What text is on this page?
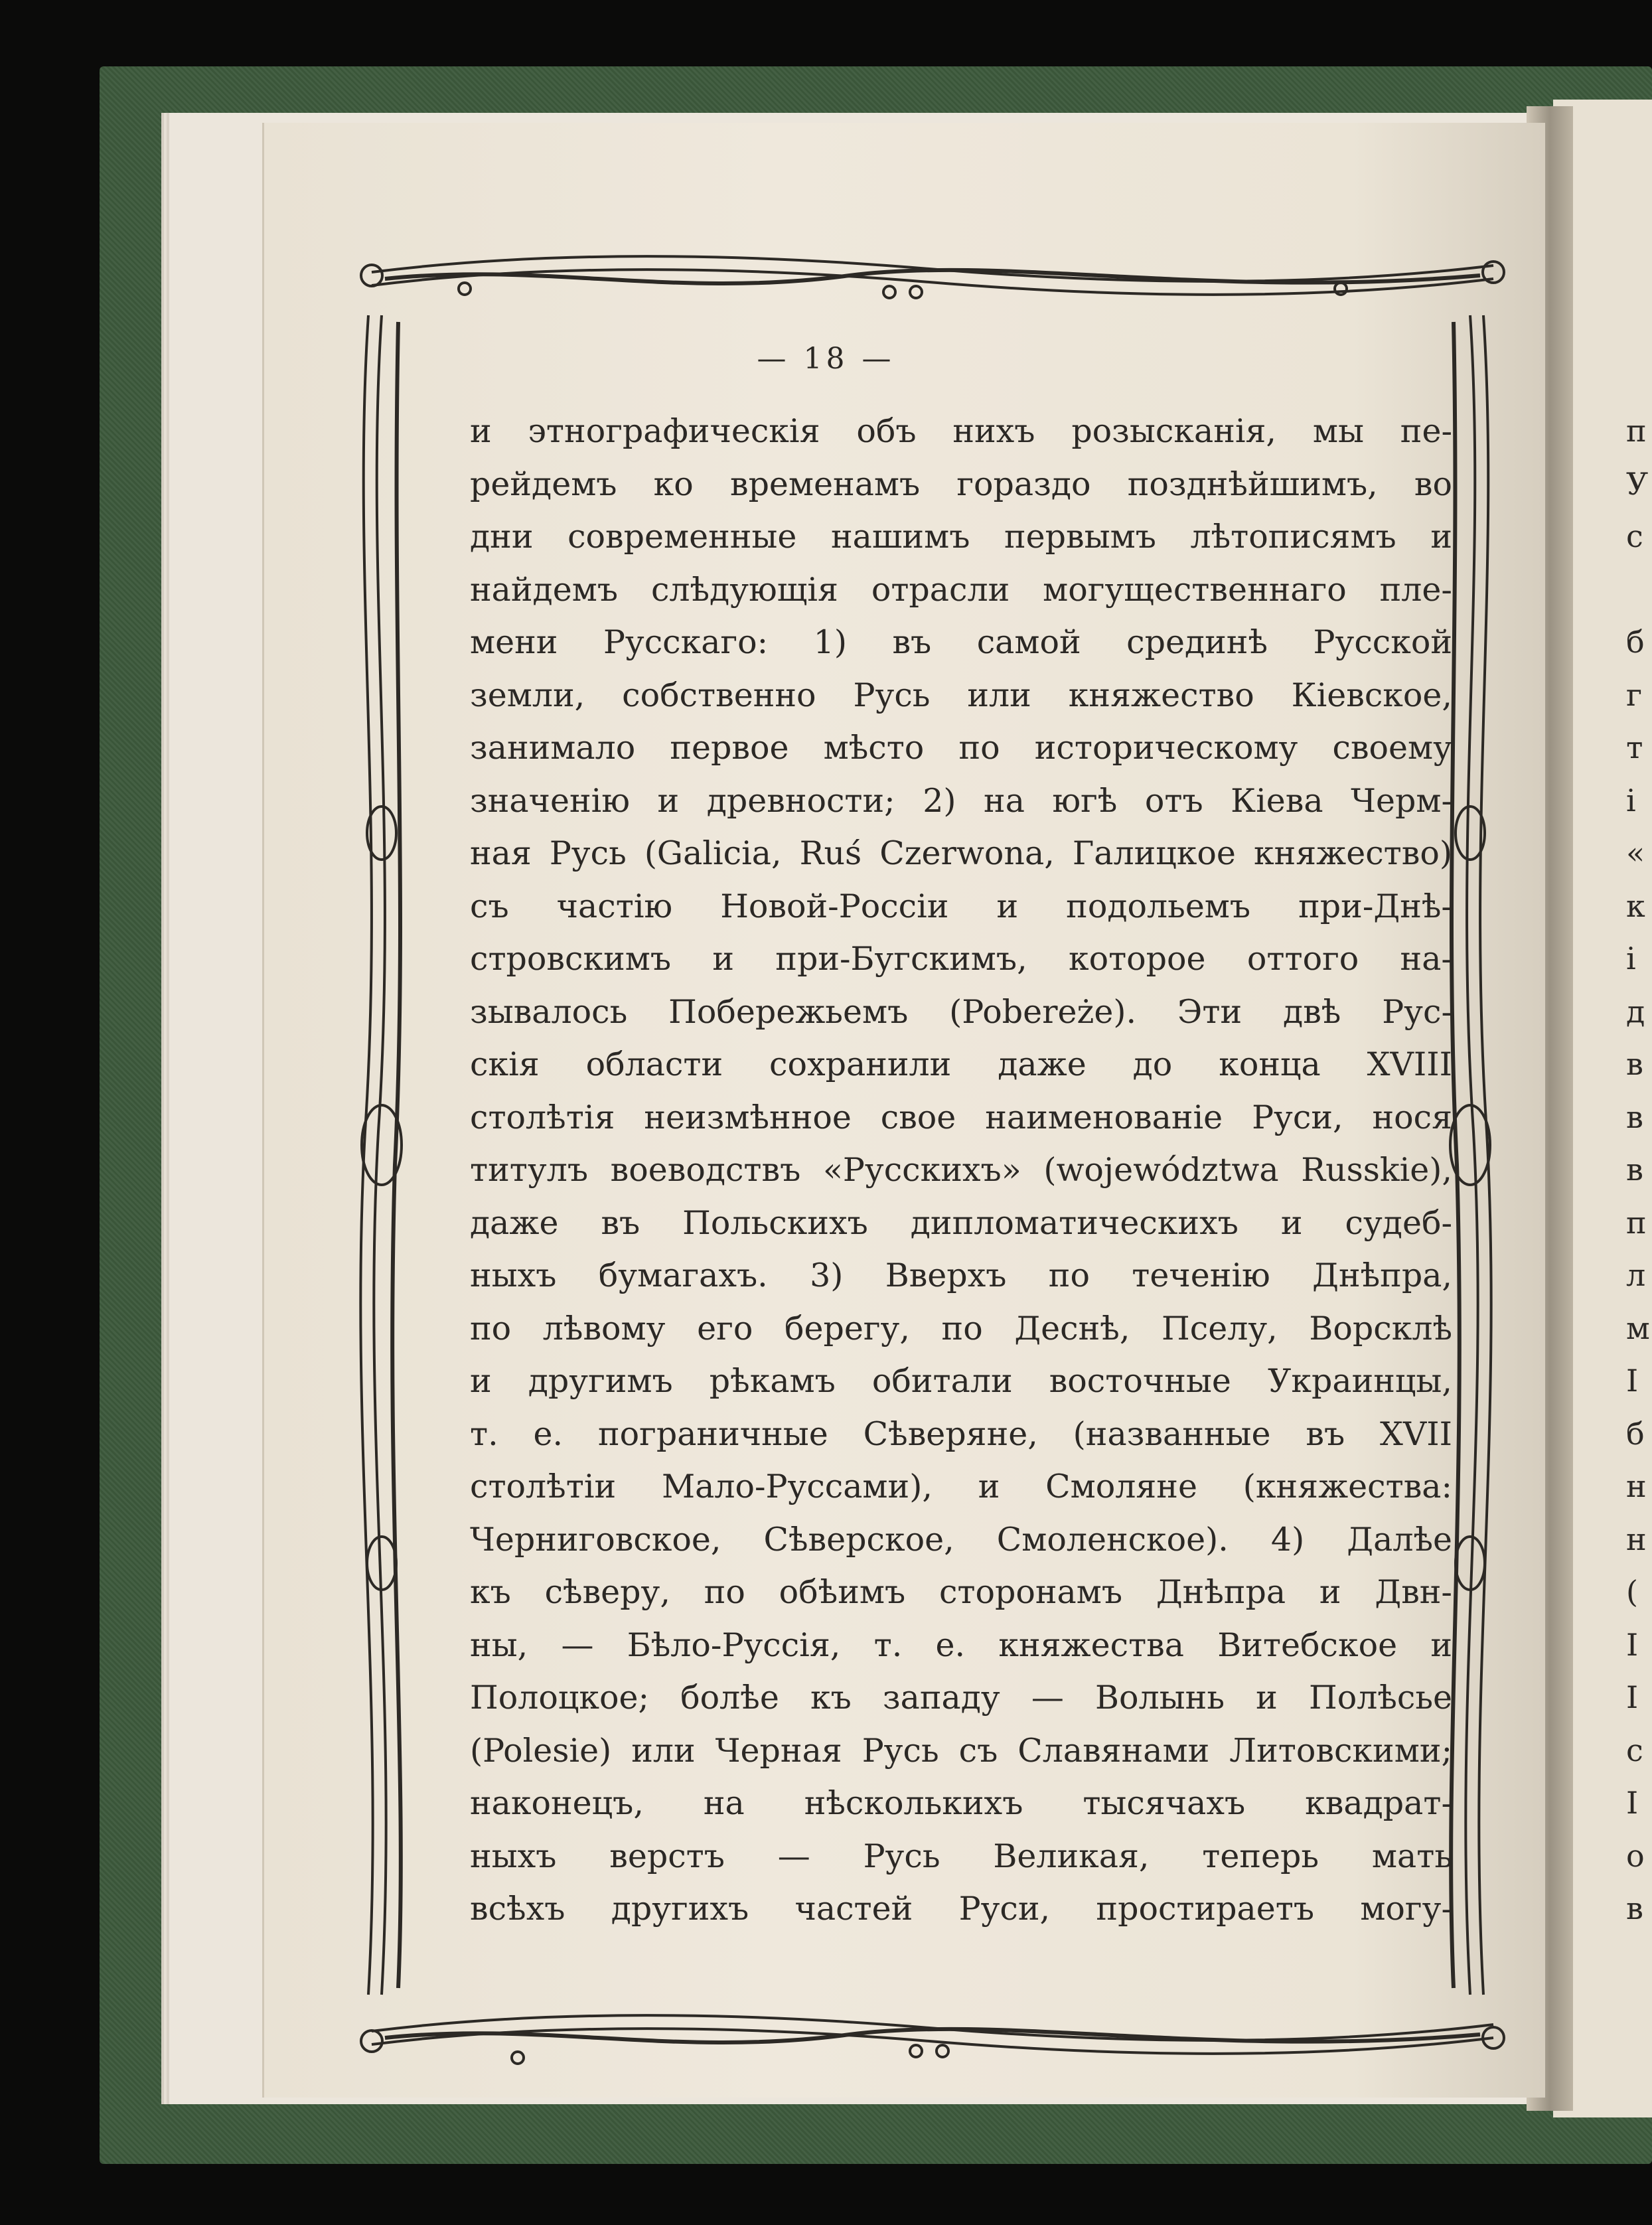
— 18 —
и этнографическія объ нихъ розысканія, мы пе-
рейдемъ ко временамъ гораздо позднѣйшимъ, во
дни современные нашимъ первымъ лѣтописямъ и
найдемъ слѣдующія отрасли могущественнаго пле-
мени Русскаго: 1) въ самой срединѣ Русской
земли, собственно Русь или княжество Кіевское,
занимало первое мѣсто по историческому своему
значенію и древности; 2) на югѣ отъ Кіева Черм-
ная Русь (Galicia, Ruś Czerwona, Галицкое княжество)
съ частію Новой-Россіи и подольемъ при-Днѣ-
стровскимъ и при-Бугскимъ, которое оттого на-
зывалось Побережьемъ (Pobereże). Эти двѣ Рус-
скія области сохранили даже до конца XVIII
столѣтія неизмѣнное свое наименованіе Руси, нося
титулъ воеводствъ «Русскихъ» (województwa Russkie),
даже въ Польскихъ дипломатическихъ и судеб-
ныхъ бумагахъ. 3) Вверхъ по теченію Днѣпра,
по лѣвому его берегу, по Деснѣ, Пселу, Ворсклѣ
и другимъ рѣкамъ обитали восточные Украинцы,
т. е. пограничные Сѣверяне, (названные въ XVII
столѣтіи Мало-Руссами), и Смоляне (княжества:
Черниговское, Сѣверское, Смоленское). 4) Далѣе
къ сѣверу, по обѣимъ сторонамъ Днѣпра и Двн-
ны, — Бѣло-Руссія, т. е. княжества Витебское и
Полоцкое; болѣе къ западу — Волынь и Полѣсье
(Polesie) или Черная Русь съ Славянами Литовскими;
наконецъ, на нѣсколькихъ тысячахъ квадрат-
ныхъ верстъ — Русь Великая, теперь мать
всѣхъ другихъ частей Руси, простираетъ могу-
п
У
с
б
г
т
і
«
к
і
д
в
в
в
п
л
м
І
б
н
н
(
І
І
с
І
о
в
